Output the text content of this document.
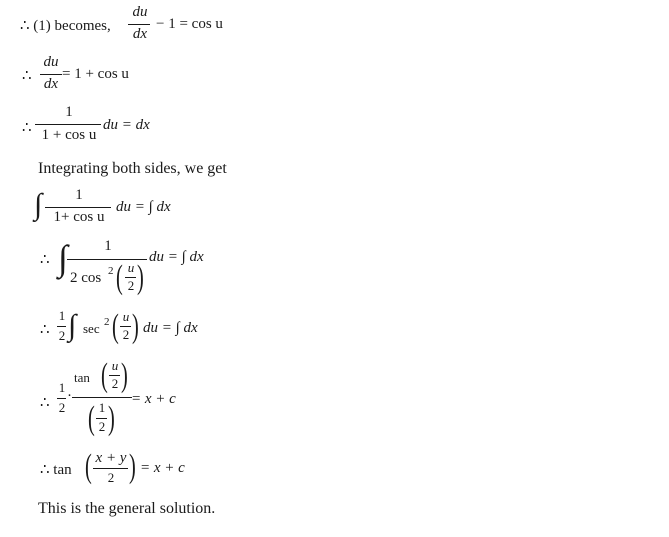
∴ (1) becomes,
du
dx
− 1 = cos u
∴
du
dx
= 1 + cos u
∴
1
1 + cos u
du = dx
Integrating both sides, we get
∫	1
1+ cos u
du = ∫ dx
∴ ∫	1
2 cos 2 ( u
2 )
du = ∫ dx
∴
1
2 ∫ sec 2 ( u
2 ) du = ∫ dx
∴
1
2
·
tan ( u
2 )
( 1
2 )
= x + c
∴ tan ( x + y
2 ) = x + c
This is the general solution.
